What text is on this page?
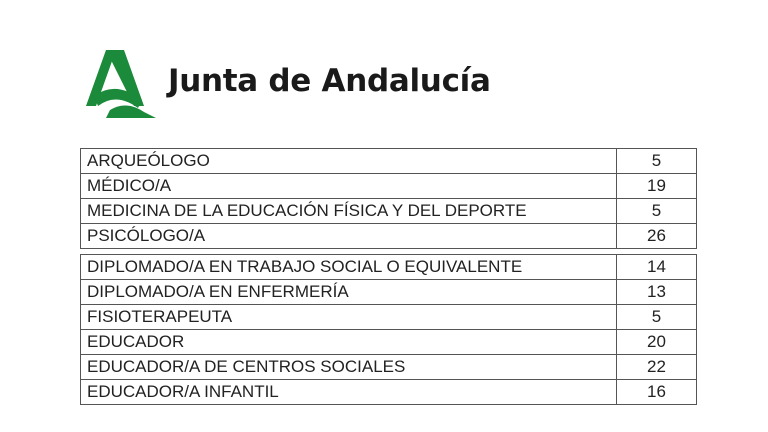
Junta de Andalucía
ARQUEÓLOGO	5
MÉDICO/A	19
MEDICINA DE LA EDUCACIÓN FÍSICA Y DEL DEPORTE	5
PSICÓLOGO/A	26
DIPLOMADO/A EN TRABAJO SOCIAL O EQUIVALENTE	14
DIPLOMADO/A EN ENFERMERÍA	13
FISIOTERAPEUTA	5
EDUCADOR	20
EDUCADOR/A DE CENTROS SOCIALES	22
EDUCADOR/A INFANTIL	16
